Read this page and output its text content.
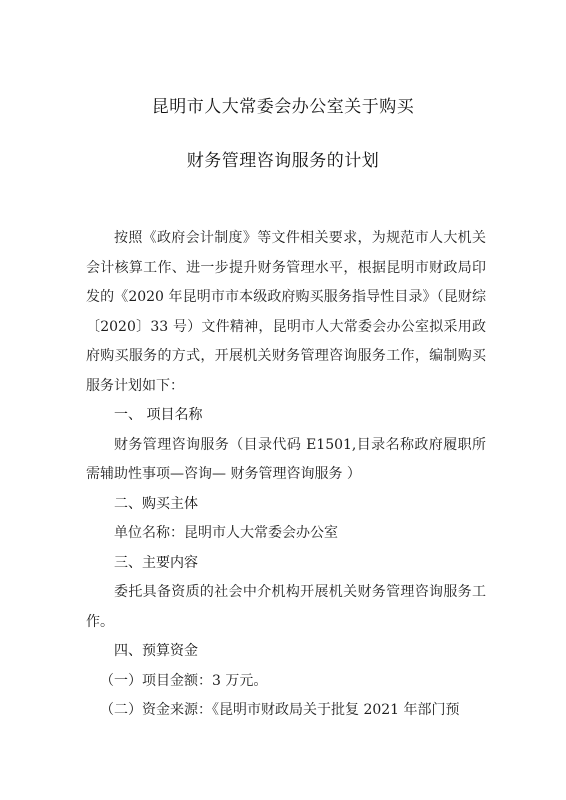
昆明市人大常委会办公室关于购买
财务管理咨询服务的计划

按照《政府会计制度》等文件相关要求，为规范市人大机关会计核算工作、进一步提升财务管理水平，根据昆明市财政局印发的《2020 年昆明市市本级政府购买服务指导性目录》（昆财综〔2020〕33 号）文件精神，昆明市人大常委会办公室拟采用政府购买服务的方式，开展机关财务管理咨询服务工作，编制购买服务计划如下：

一、 项目名称

财务管理咨询服务（目录代码 E1501,目录名称政府履职所需辅助性事项—咨询— 财务管理咨询服务 ）

二、购买主体

单位名称：昆明市人大常委会办公室

三、主要内容

委托具备资质的社会中介机构开展机关财务管理咨询服务工作。

四、预算资金

（一）项目金额：3 万元。

（二）资金来源：《昆明市财政局关于批复 2021 年部门预
